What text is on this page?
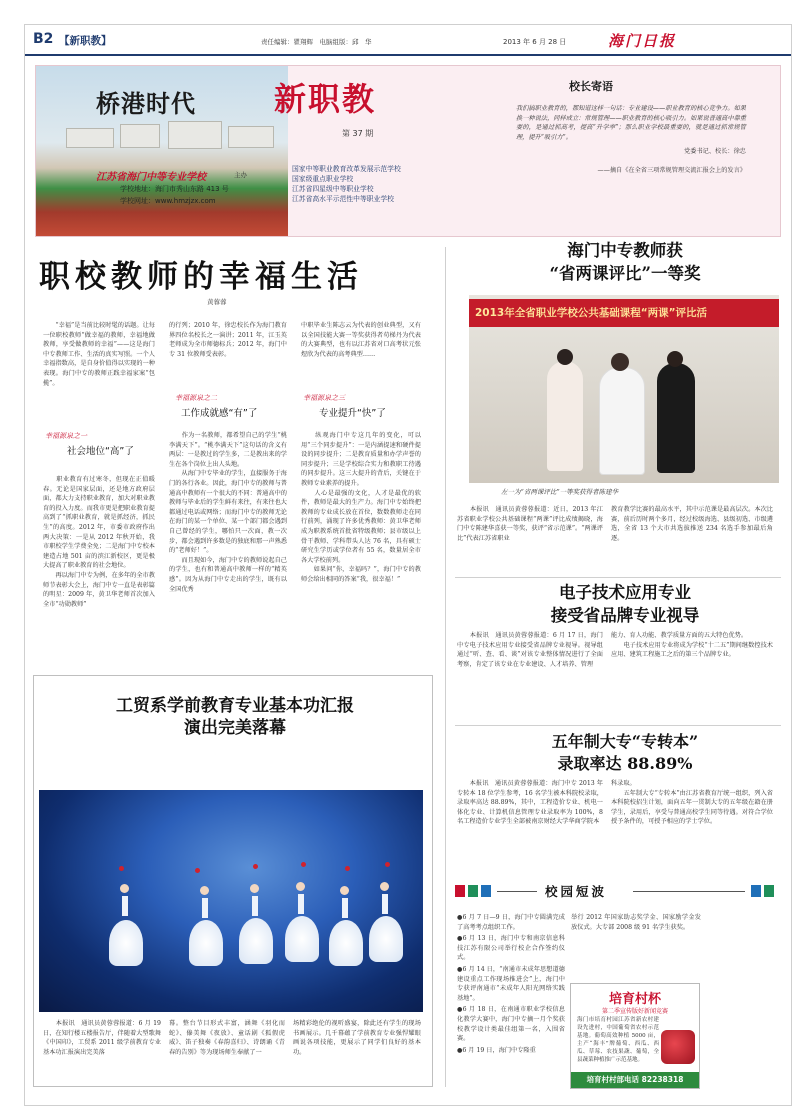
B2 【新职教】	责任编辑：瞿翔辉　电脑组版：邱　华	2013 年 6 月 28 日	海门日报
桥港时代 新职教
第 37 期
江苏省海门中等专业学校	主办
学校地址：海门市秀山东路 413 号
学校网址：www.hmzjzx.com
国家中等职业教育改革发展示范学校
国家级重点职业学校
江苏省四星级中等职业学校
江苏省高水平示范性中等职业学校
校长寄语
我们搞职业教育的，都知道这样一句话：专业建设——职业教育的核心竞争力。如果换一种说法，同样成立：常规管理——职业教育的核心吸引力。如果说普通高中靠重要的，是通过抓高考，提高“升学率”；那么职业学校最重要的，就是通过抓常规管理，提升“吸引力”。
党委书记、校长：徐忠
——摘自《在全省三项常规管理交流汇报会上的发言》
职校教师的幸福生活
黄蓉蓉
　　“幸福”是当前比较时髦的话题。让每一位职校教师“做幸福的教师，幸福地做教师，享受做教师的幸福”——这是海门中专教师工作、生活的真实写照。一个人幸福指数高，是自身价值得以实现的一种表现。海门中专的教师正践幸福家案“包揽”。
幸福源泉之一
社会地位“高”了
　　职业教育有过寒冬，但现在正值暖春。无论是国家层面，还是地方政府层面，都大力支持职业教育，加大对职业教育的投入力度。而我市更是把职业教育提高到了“抓职业教育，就是抓经济，抓民生”的高度。2012 年，市委市政府作出两大决策：一是从 2012 年秋开始，我市职校学生学费全免；二是海门中专校本建造占地 501 亩的滨江新校区，更是极大提高了职业教育的社会地位。
　　再以海门中专为例，在多年的全市教师节表彰大会上，海门中专一直是表彰篇的明星：2009 年，黄卫华老师首次加入全市“功勋教师”
的行列；2010 年，徐忠校长作为海门教育界四位名校长之一演讲；2011 年，江玉英老师成为全市师德标兵；2012 年，海门中专 31 位教师受表彰。
幸福源泉之二
工作成就感“有”了
　　作为一名教师，都希望自己的学生“桃李满天下”。“桃李满天下”这句话的含义有两层：一是教过的学生多，二是教出来的学生在各个岗位上出人头地。
　　从海门中专毕业的学生，直接服务于海门的各行各业。因此，海门中专的教师与普通高中教师有一个很大的不同：普通高中的教师与毕业后的学生鲜有来往，有来往也大都通过电话或网络；而海门中专的教师无论在海门的某一个单位、某一个部门都会遇到自己曾经的学生，哪怕只一次面，教一次步，都会遇到许多数是的独底和那一声熟悉的“老师好！”。
　　而且现如今，海门中专的教师说起自己的学生，也有和普通高中教师一样的“精英感”。因为从海门中专走出的学生，既有以全国优秀
中职毕业生陈志云为代表的创业典型，又有以全国技能大赛一等奖获得者苟梯丹为代表的大赛典型，也有以江苏省对口高考状元张煜欣为代表的高考典型……
幸福源泉之三
专业提升“快”了
　　纵观海门中专这几年的变化，可以用“三个同步提升”：一是内涵提速和硬件提设的同步提升；二是教育质量和办学声誉的同步提升；三是学校综合实力和教职工待遇的同步提升。这三大提升的背后，关键在于教师专业素养的提升。
　　人心是最强的文化，人才是最优的软件，教师是最大的生产力。海门中专始终把教师的专业成长放在首位，数数教师走在同行前列，涌现了许多优秀教师：黄卫华老师成为职教系统首批省特级教师；县市级以上骨干教师、学科带头人达 76 名，具有硕士研究生学历或学位者有 55 名，数量居全市各大学校前列。
　　如果问“你，幸福吗？”，海门中专的教师会给出相同的答案“我，很幸福！”
工贸系学前教育专业基本功汇报
演出完美落幕
　　本报讯　通讯员黄蓉蓉报道：6 月 19 日，在知行楼五楼报告厅，伴随着大型歌舞《中国印》，工贸系 2011 级学前教育专业基本功汇报演出完美落
幕。整台节目形式丰富，涵舞《羽化而蛇》、傣美舞《夜放》、童话剧《狐假虎威》、笛子独奏《春韵喜归》、诗朗诵《青春的告别》等为现场师生奉献了一
场精彩绝伦的视听盛宴，除此还有学生的现场书画展示。几千幕蕴了学前教育专业强悍耀眼画说各项技能，更展示了同学们良好的基本功。
海门中专教师获
“省两课评比”一等奖
2013年全省职业学校公共基础课程“两课”评比活
左一为“省两课评比”一等奖获得者陈建华
　　本报讯　通讯员黄蓉蓉报道：近日，2013 年江苏省职业学校公共基础课程“两课”评比成绩揭晓，海门中专陈建华喜获一等奖，获评“省示范课”。“两课评比”代表江苏省职业
教育教学比赛的最高水平，其中示范课是最高层次。本次比赛，前后历时两个多月，经过校级海选、县级初选、市级遴选，全省 13 个大市共选拔推送 234 名选手参加最后角逐。
电子技术应用专业
接受省品牌专业视导
　　本报讯　通讯员黄蓉蓉报道：6 月 17 日，海门中专电子技术应用专业接受省品牌专业视导。视导组通过“听、查、看、谈”对该专业整体情况进行了全面考察，肯定了该专业在专业建设、人才培养、管理
能力、育人功能、教学质量方面的五大特色优势。
　　电子技术应用专业将成为学校“十二五”期间继数控技术应用、建筑工程施工之后的第三个品牌专业。
五年制大专“专转本”
录取率达 88.89%
　　本报讯　通讯员黄蓉蓉报道：海门中专 2013 年专转本 18 位学生参考，16 名学生被本科院校录取，录取率高达 88.89%，其中，工程造价专业、机电一体化专业、计算机信息管理专业录取率为 100%，8 名工程造价专业学生全部被南京财经大学华商学院本
科录取。
　　五年制大专“专转本”由江苏省教育厅统一组织，列入省本科院校招生计划，面向五年一贯制大专的五年级在籍在册学生，录用后，享受与普通高校学生同等待遇。对符合学位授予条件的，可授予相应的学士学位。
校园短波
●6 月 7 日—9 日，海门中专圆满完成了高考考点组织工作。
●6 月 13 日，海门中专和南京信息科技江苏有限公司举行校企合作签约仪式。
●6 月 14 日，“南通市未成年思想道德建设重点工作现场推进会”上，海门中专获评南通市“未成年人阳光网络实践基地”。
●6 月 18 日，在南通市职业学校信息化教学大赛中，海门中专摘一月个奖获校教学设计类最佳组第一名，入围省赛。
●6 月 19 日，海门中专隆重
举行 2012 年国家助志奖学金、国家励学金发放仪式。大专部 2008 级 91 名学生获奖。
培育村杯
第二季宣传版好新闻竞赛
海门市培育村园江苏省新农村建设先进村，中国葡萄省农村示范基地。葡萄高效种植 5000 亩，主产“海丰”牌葡萄、西瓜、西瓜、草莓、农技果蔬、葡萄，全县蔬菜种植推广示范基地。
培育村村部电话 82238318
